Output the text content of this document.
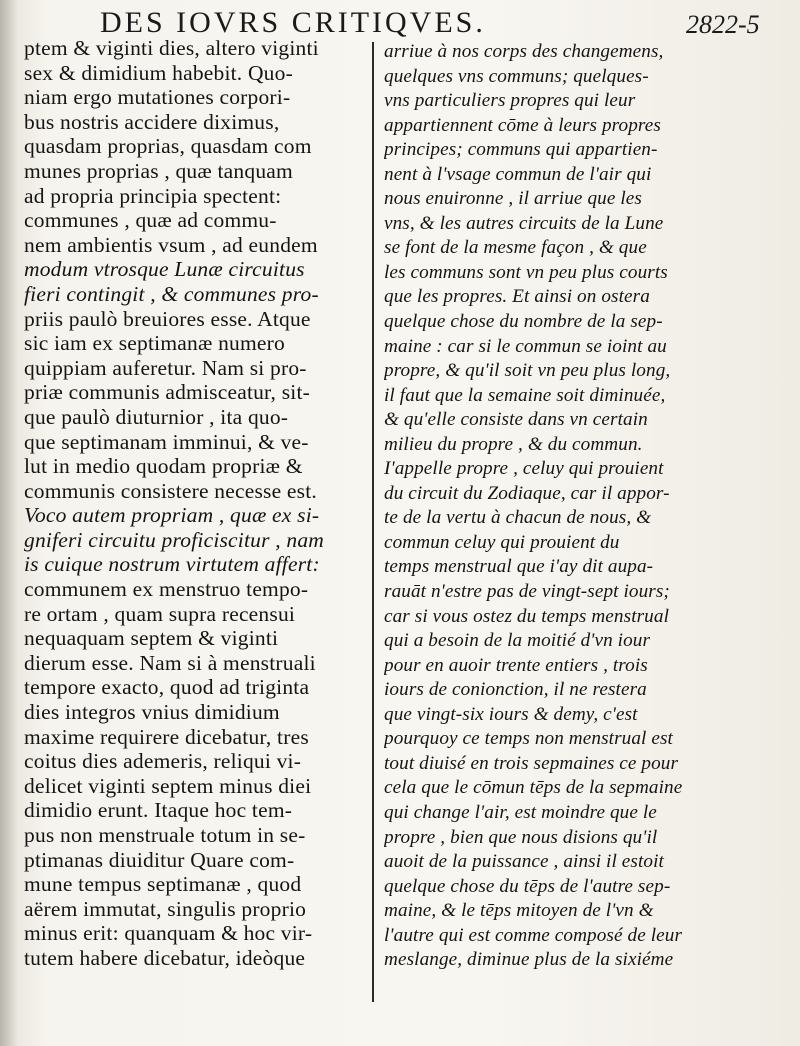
DES IOVRS CRITIQVES.	2822-5
ptem & viginti dies, altero viginti
sex & dimidium habebit. Quo-
niam ergo mutationes corpori-
bus nostris accidere diximus,
quasdam proprias, quasdam com
munes proprias , quæ tanquam
ad propria principia spectent:
communes , quæ ad commu-
nem ambientis vsum , ad eundem
modum vtrosque Lunæ circuitus
fieri contingit , & communes pro-
priis paulò breuiores esse. Atque
sic iam ex septimanæ numero
quippiam auferetur. Nam si pro-
priæ communis admisceatur, sit-
que paulò diuturnior , ita quo-
que septimanam imminui, & ve-
lut in medio quodam propriæ &
communis consistere necesse est.
Voco autem propriam , quæ ex si-
gniferi circuitu proficiscitur , nam
is cuique nostrum virtutem affert:
communem ex menstruo tempo-
re ortam , quam supra recensui
nequaquam septem & viginti
dierum esse. Nam si à menstruali
tempore exacto, quod ad triginta
dies integros vnius dimidium
maxime requirere dicebatur, tres
coitus dies ademeris, reliqui vi-
delicet viginti septem minus diei
dimidio erunt. Itaque hoc tem-
pus non menstruale totum in se-
ptimanas diuiditur Quare com-
mune tempus septimanæ , quod
aërem immutat, singulis proprio
minus erit: quanquam & hoc vir-
tutem habere dicebatur, ideòque
arriue à nos corps des changemens,
quelques vns communs; quelques-
vns particuliers propres qui leur
appartiennent cōme à leurs propres
principes; communs qui appartien-
nent à l'vsage commun de l'air qui
nous enuironne , il arriue que les
vns, & les autres circuits de la Lune
se font de la mesme façon , & que
les communs sont vn peu plus courts
que les propres. Et ainsi on ostera
quelque chose du nombre de la sep-
maine : car si le commun se ioint au
propre, & qu'il soit vn peu plus long,
il faut que la semaine soit diminuée,
& qu'elle consiste dans vn certain
milieu du propre , & du commun.
I'appelle propre , celuy qui prouient
du circuit du Zodiaque, car il appor-
te de la vertu à chacun de nous, &
commun celuy qui prouient du
temps menstrual que i'ay dit aupa-
rauāt n'estre pas de vingt-sept iours;
car si vous ostez du temps menstrual
qui a besoin de la moitié d'vn iour
pour en auoir trente entiers , trois
iours de conionction, il ne restera
que vingt-six iours & demy, c'est
pourquoy ce temps non menstrual est
tout diuisé en trois sepmaines ce pour
cela que le cōmun tēps de la sepmaine
qui change l'air, est moindre que le
propre , bien que nous disions qu'il
auoit de la puissance , ainsi il estoit
quelque chose du tēps de l'autre sep-
maine, & le tēps mitoyen de l'vn &
l'autre qui est comme composé de leur
meslange, diminue plus de la sixiéme
